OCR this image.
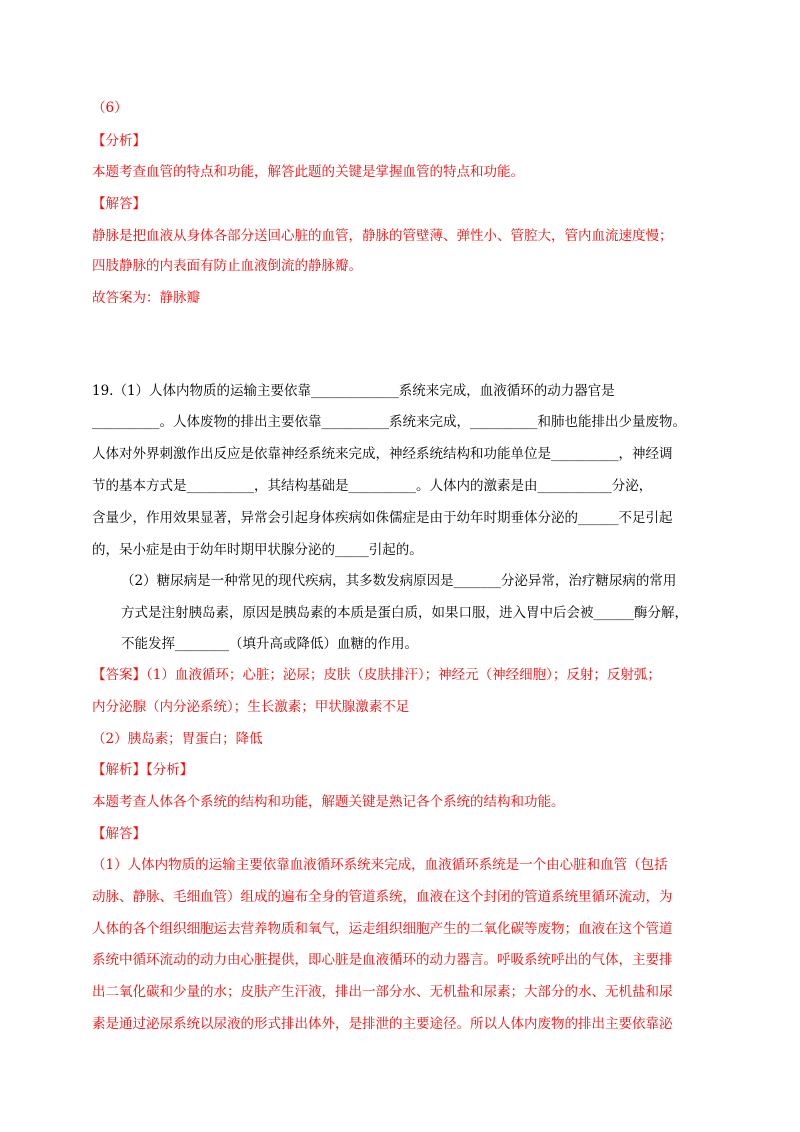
（6）
【分析】
本题考查血管的特点和功能，解答此题的关键是掌握血管的特点和功能。
【解答】
静脉是把血液从身体各部分送回心脏的血管，静脉的管壁薄、弹性小、管腔大，管内血流速度慢；
四肢静脉的内表面有防止血液倒流的静脉瓣。
故答案为：静脉瓣
19.（1）人体内物质的运输主要依靠_____________系统来完成，血液循环的动力器官是
__________。人体废物的排出主要依靠__________系统来完成，__________和肺也能排出少量废物。
人体对外界刺激作出反应是依靠神经系统来完成，神经系统结构和功能单位是__________，神经调
节的基本方式是__________，其结构基础是__________。人体内的激素是由___________分泌，
含量少，作用效果显著，异常会引起身体疾病如侏儒症是由于幼年时期垂体分泌的______不足引起
的，呆小症是由于幼年时期甲状腺分泌的_____引起的。
（2）糖尿病是一种常见的现代疾病，其多数发病原因是_______分泌异常，治疗糖尿病的常用
方式是注射胰岛素，原因是胰岛素的本质是蛋白质，如果口服，进入胃中后会被______酶分解，
不能发挥________（填升高或降低）血糖的作用。
【答案】（1）血液循环；心脏；泌尿；皮肤（皮肤排汗）；神经元（神经细胞）；反射；反射弧；
内分泌腺（内分泌系统）；生长激素；甲状腺激素不足
（2）胰岛素；胃蛋白；降低
【解析】【分析】
本题考查人体各个系统的结构和功能，解题关键是熟记各个系统的结构和功能。
【解答】
（1）人体内物质的运输主要依靠血液循环系统来完成，血液循环系统是一个由心脏和血管（包括
动脉、静脉、毛细血管）组成的遍布全身的管道系统，血液在这个封闭的管道系统里循环流动，为
人体的各个组织细胞运去营养物质和氧气，运走组织细胞产生的二氧化碳等废物；血液在这个管道
系统中循环流动的动力由心脏提供，即心脏是血液循环的动力器言。呼吸系统呼出的气体，主要排
出二氧化碳和少量的水；皮肤产生汗液，排出一部分水、无机盐和尿素；大部分的水、无机盐和尿
素是通过泌尿系统以尿液的形式排出体外，是排泄的主要途径。所以人体内废物的排出主要依靠泌
